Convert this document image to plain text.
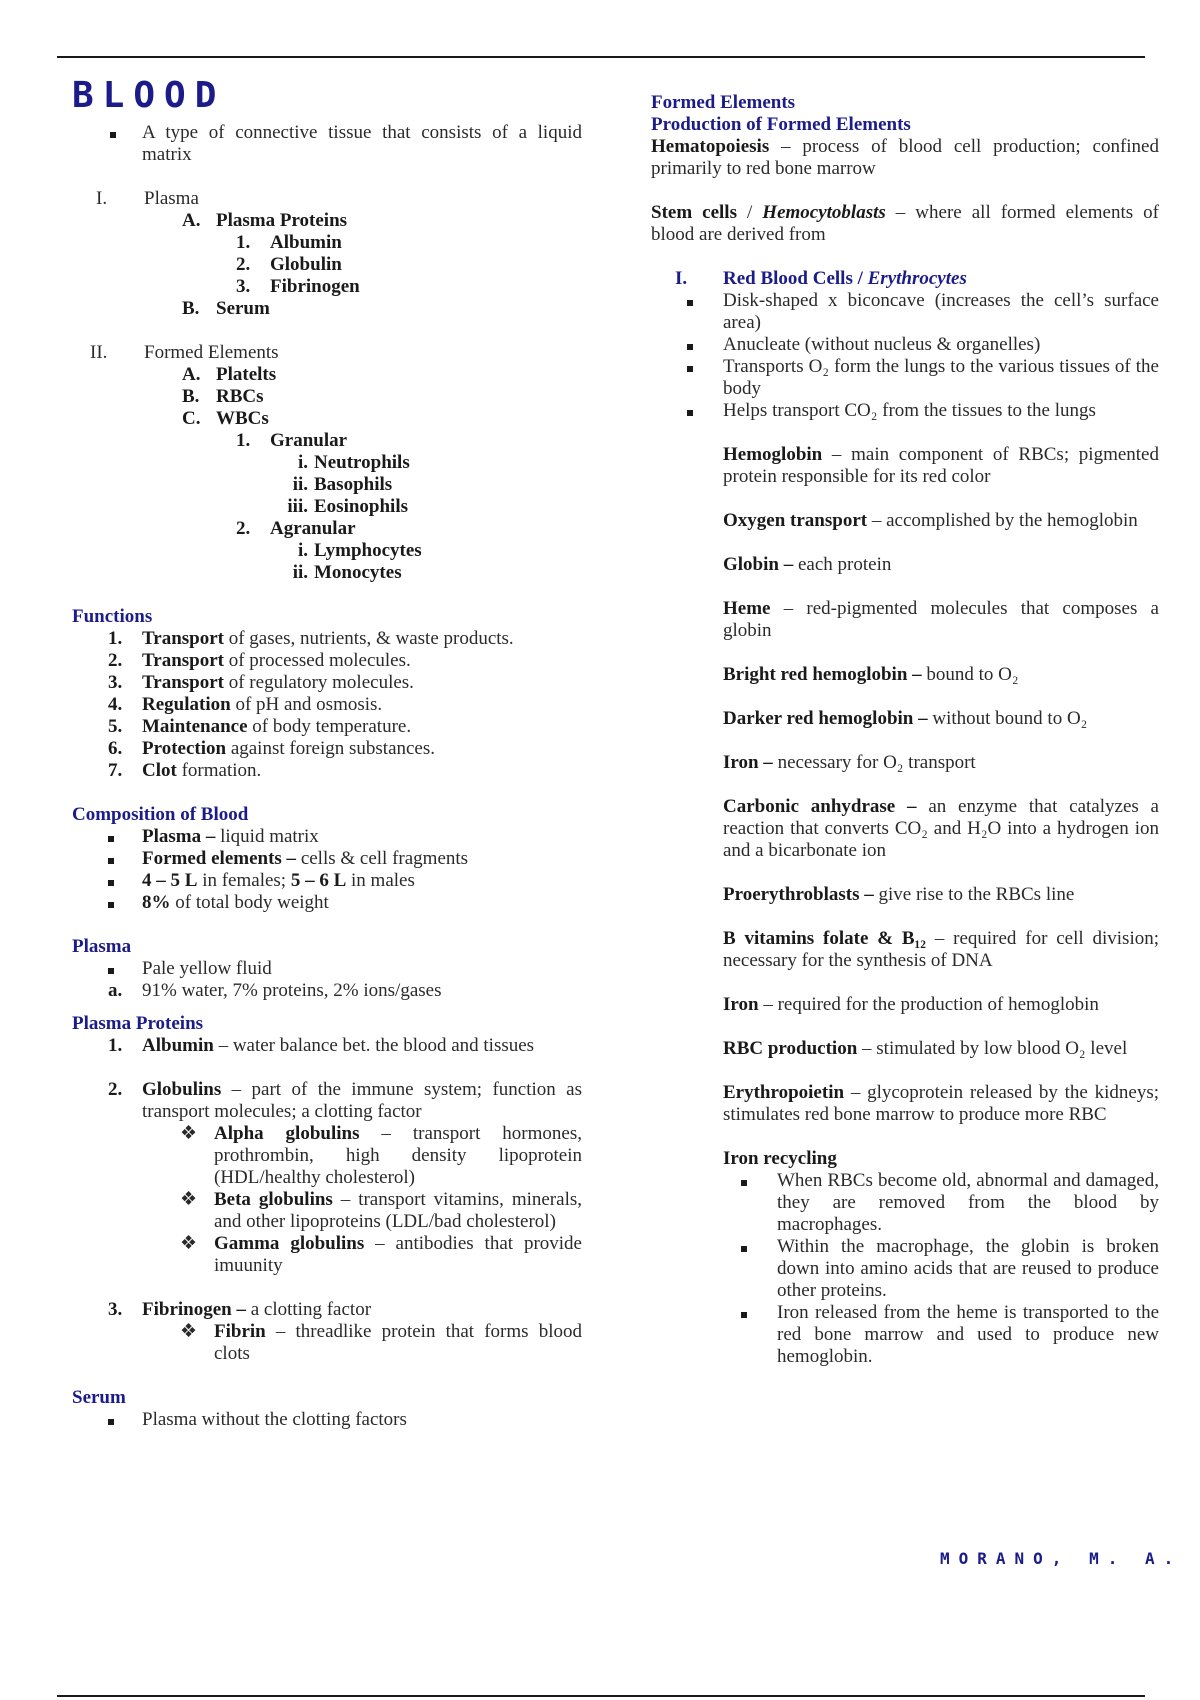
BLOOD
A type of connective tissue that consists of a liquid matrix
I.	Plasma
A. Plasma Proteins
1.	Albumin
2.	Globulin
3.	Fibrinogen
B. Serum
II.	Formed Elements
A. Platelts
B. RBCs
C. WBCs
1.	Granular
i. Neutrophils
ii. Basophils
iii. Eosinophils
2.	Agranular
i. Lymphocytes
ii. Monocytes
Functions
1.	Transport of gases, nutrients, & waste products.
2.	Transport of processed molecules.
3.	Transport of regulatory molecules.
4.	Regulation of pH and osmosis.
5.	Maintenance of body temperature.
6.	Protection against foreign substances.
7.	Clot formation.
Composition of Blood
Plasma – liquid matrix
Formed elements – cells & cell fragments
4 – 5 L in females; 5 – 6 L in males
8% of total body weight
Plasma
Pale yellow fluid
a.	91% water, 7% proteins, 2% ions/gases
Plasma Proteins
1.	Albumin – water balance bet. the blood and tissues
2.	Globulins – part of the immune system; function as transport molecules; a clotting factor
❖ Alpha globulins – transport hormones, prothrombin, high density lipoprotein (HDL/healthy cholesterol)
❖ Beta globulins – transport vitamins, minerals, and other lipoproteins (LDL/bad cholesterol)
❖ Gamma globulins – antibodies that provide imuunity
3.	Fibrinogen – a clotting factor
❖ Fibrin – threadlike protein that forms blood clots
Serum
Plasma without the clotting factors
Formed Elements
Production of Formed Elements
Hematopoiesis – process of blood cell production; confined primarily to red bone marrow
Stem cells / Hemocytoblasts – where all formed elements of blood are derived from
I.	Red Blood Cells / Erythrocytes
Disk-shaped x biconcave (increases the cell’s surface area)
Anucleate (without nucleus & organelles)
Transports O₂ form the lungs to the various tissues of the body
Helps transport CO₂ from the tissues to the lungs
Hemoglobin – main component of RBCs; pigmented protein responsible for its red color
Oxygen transport – accomplished by the hemoglobin
Globin – each protein
Heme – red-pigmented molecules that composes a globin
Bright red hemoglobin – bound to O₂
Darker red hemoglobin – without bound to O₂
Iron – necessary for O₂ transport
Carbonic anhydrase – an enzyme that catalyzes a reaction that converts CO₂ and H₂O into a hydrogen ion and a bicarbonate ion
Proerythroblasts – give rise to the RBCs line
B vitamins folate & B₁₂ – required for cell division; necessary for the synthesis of DNA
Iron – required for the production of hemoglobin
RBC production – stimulated by low blood O₂ level
Erythropoietin – glycoprotein released by the kidneys; stimulates red bone marrow to produce more RBC
Iron recycling
When RBCs become old, abnormal and damaged, they are removed from the blood by macrophages.
Within the macrophage, the globin is broken down into amino acids that are reused to produce other proteins.
Iron released from the heme is transported to the red bone marrow and used to produce new hemoglobin.
MORANO, M. A.
